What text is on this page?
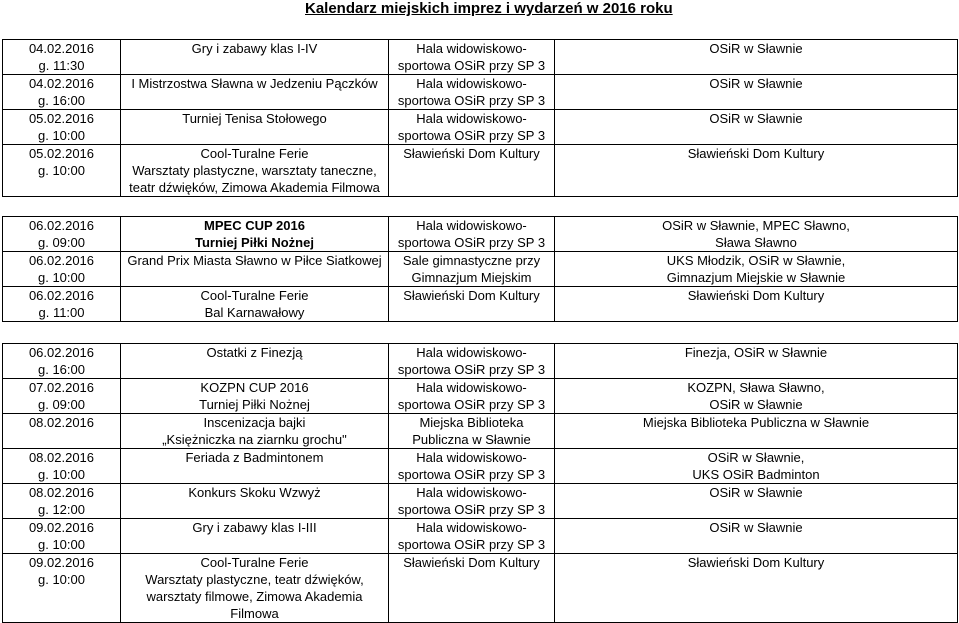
Kalendarz miejskich imprez i wydarzeń w 2016 roku
04.02.2016
g. 11:30	Gry i zabawy klas I-IV	Hala widowiskowo-
sportowa OSiR przy SP 3	OSiR w Sławnie

04.02.2016
g. 16:00	I Mistrzostwa Sławna w Jedzeniu Pączków	Hala widowiskowo-
sportowa OSiR przy SP 3	OSiR w Sławnie

05.02.2016
g. 10:00	Turniej Tenisa Stołowego	Hala widowiskowo-
sportowa OSiR przy SP 3	OSiR w Sławnie

05.02.2016
g. 10:00	Cool-Turalne Ferie
Warsztaty plastyczne, warsztaty taneczne,
teatr dźwięków, Zimowa Akademia Filmowa	Sławieński Dom Kultury	Sławieński Dom Kultury

06.02.2016
g. 09:00	MPEC CUP 2016
Turniej Piłki Nożnej	Hala widowiskowo-
sportowa OSiR przy SP 3	OSiR w Sławnie, MPEC Sławno,
Sława Sławno

06.02.2016
g. 10:00	Grand Prix Miasta Sławno w Piłce Siatkowej	Sale gimnastyczne przy
Gimnazjum Miejskim	UKS Młodzik, OSiR w Sławnie,
Gimnazjum Miejskie w Sławnie

06.02.2016
g. 11:00	Cool-Turalne Ferie
Bal Karnawałowy	Sławieński Dom Kultury	Sławieński Dom Kultury

06.02.2016
g. 16:00	Ostatki z Finezją	Hala widowiskowo-
sportowa OSiR przy SP 3	Finezja, OSiR w Sławnie

07.02.2016
g. 09:00	KOZPN CUP 2016
Turniej Piłki Nożnej	Hala widowiskowo-
sportowa OSiR przy SP 3	KOZPN, Sława Sławno,
OSiR w Sławnie

08.02.2016	Inscenizacja bajki
„Księżniczka na ziarnku grochu"	Miejska Biblioteka
Publiczna w Sławnie	Miejska Biblioteka Publiczna w Sławnie

08.02.2016
g. 10:00	Feriada z Badmintonem	Hala widowiskowo-
sportowa OSiR przy SP 3	OSiR w Sławnie,
UKS OSiR Badminton

08.02.2016
g. 12:00	Konkurs Skoku Wzwyż	Hala widowiskowo-
sportowa OSiR przy SP 3	OSiR w Sławnie

09.02.2016
g. 10:00	Gry i zabawy klas I-III	Hala widowiskowo-
sportowa OSiR przy SP 3	OSiR w Sławnie

09.02.2016
g. 10:00	Cool-Turalne Ferie
Warsztaty plastyczne, teatr dźwięków,
warsztaty filmowe, Zimowa Akademia
Filmowa	Sławieński Dom Kultury	Sławieński Dom Kultury
